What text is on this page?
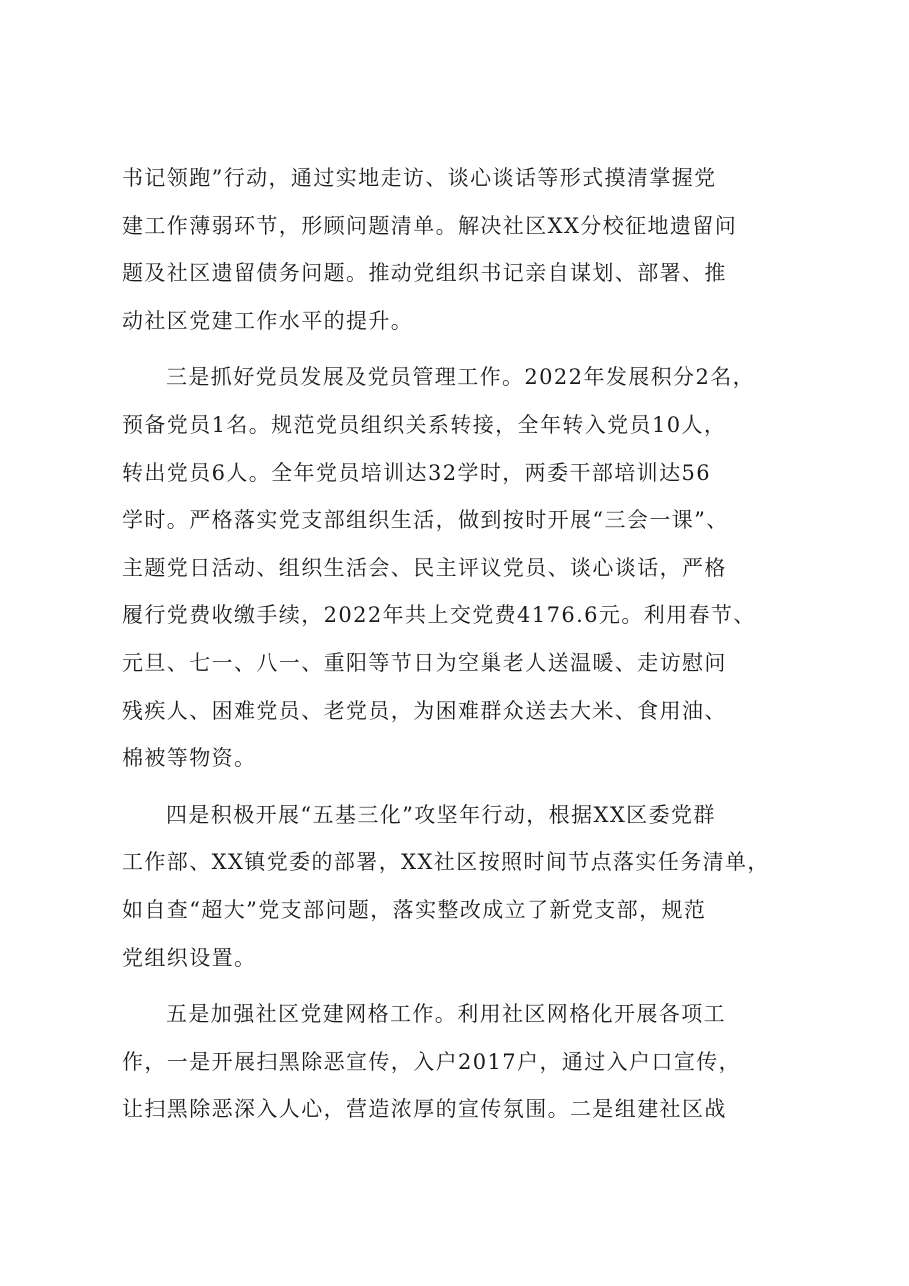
书记领跑”行动，通过实地走访、谈心谈话等形式摸清掌握党
建工作薄弱环节，形顾问题清单。解决社区XX分校征地遗留问
题及社区遗留债务问题。推动党组织书记亲自谋划、部署、推
动社区党建工作水平的提升。
三是抓好党员发展及党员管理工作。2022年发展积分2名，
预备党员1名。规范党员组织关系转接，全年转入党员10人，
转出党员6人。全年党员培训达32学时，两委干部培训达56
学时。严格落实党支部组织生活，做到按时开展“三会一课”、
主题党日活动、组织生活会、民主评议党员、谈心谈话，严格
履行党费收缴手续，2022年共上交党费4176.6元。利用春节、
元旦、七一、八一、重阳等节日为空巢老人送温暖、走访慰问
残疾人、困难党员、老党员，为困难群众送去大米、食用油、
棉被等物资。
四是积极开展“五基三化”攻坚年行动，根据XX区委党群
工作部、XX镇党委的部署，XX社区按照时间节点落实任务清单，
如自查“超大”党支部问题，落实整改成立了新党支部，规范
党组织设置。
五是加强社区党建网格工作。利用社区网格化开展各项工
作，一是开展扫黑除恶宣传，入户2017户，通过入户口宣传，
让扫黑除恶深入人心，营造浓厚的宣传氛围。二是组建社区战
